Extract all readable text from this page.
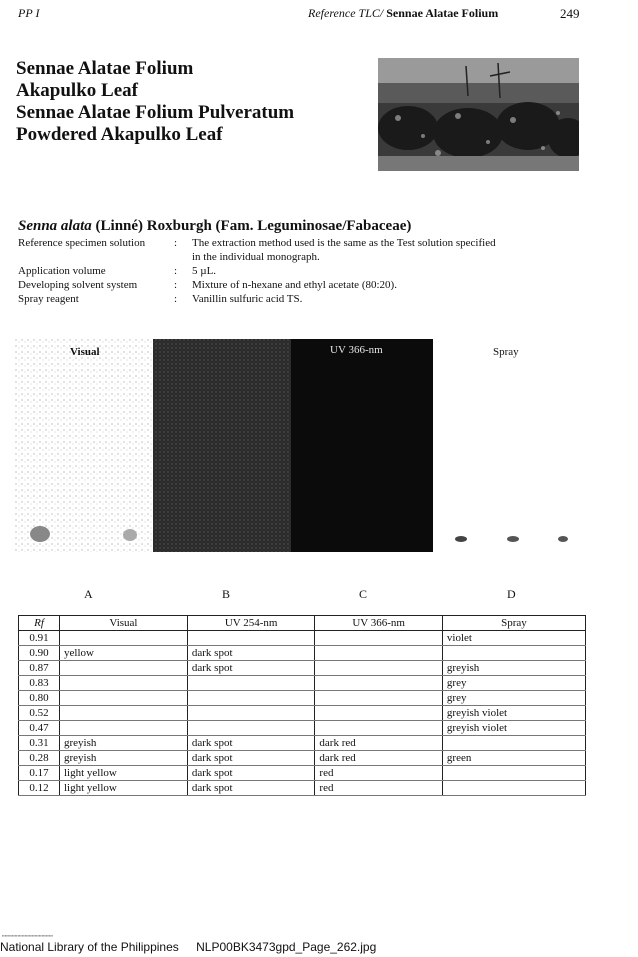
PP I	Reference TLC/ Sennae Alatae Folium	249
Sennae Alatae Folium
Akapulko Leaf
Sennae Alatae Folium Pulveratum
Powdered Akapulko Leaf
Senna alata (Linné) Roxburgh (Fam. Leguminosae/Fabaceae)
Reference specimen solution	:	The extraction method used is the same as the Test solution specified
in the individual monograph.
Application volume	:	5 µL.
Developing solvent system	:	Mixture of n-hexane and ethyl acetate (80:20).
Spray reagent	:	Vanillin sulfuric acid TS.
Visual	UV 366-nm	Spray
A	B	C	D
Rf	Visual	UV 254-nm	UV 366-nm	Spray
0.91				violet
0.90	yellow	dark spot		
0.87		dark spot		greyish
0.83				grey
0.80				grey
0.52				greyish violet
0.47				greyish violet
0.31	greyish	dark spot	dark red	
0.28	greyish	dark spot	dark red	green
0.17	light yellow	dark spot	red	
0.12	light yellow	dark spot	red	
▪▪▪▪▪▪▪▪▪▪▪▪▪▪▪▪▪▪▪▪▪▪▪▪▪▪▪▪▪▪▪▪▪▪▪▪
National Library of the Philippines NLP00BK3473gpd_Page_262.jpg
